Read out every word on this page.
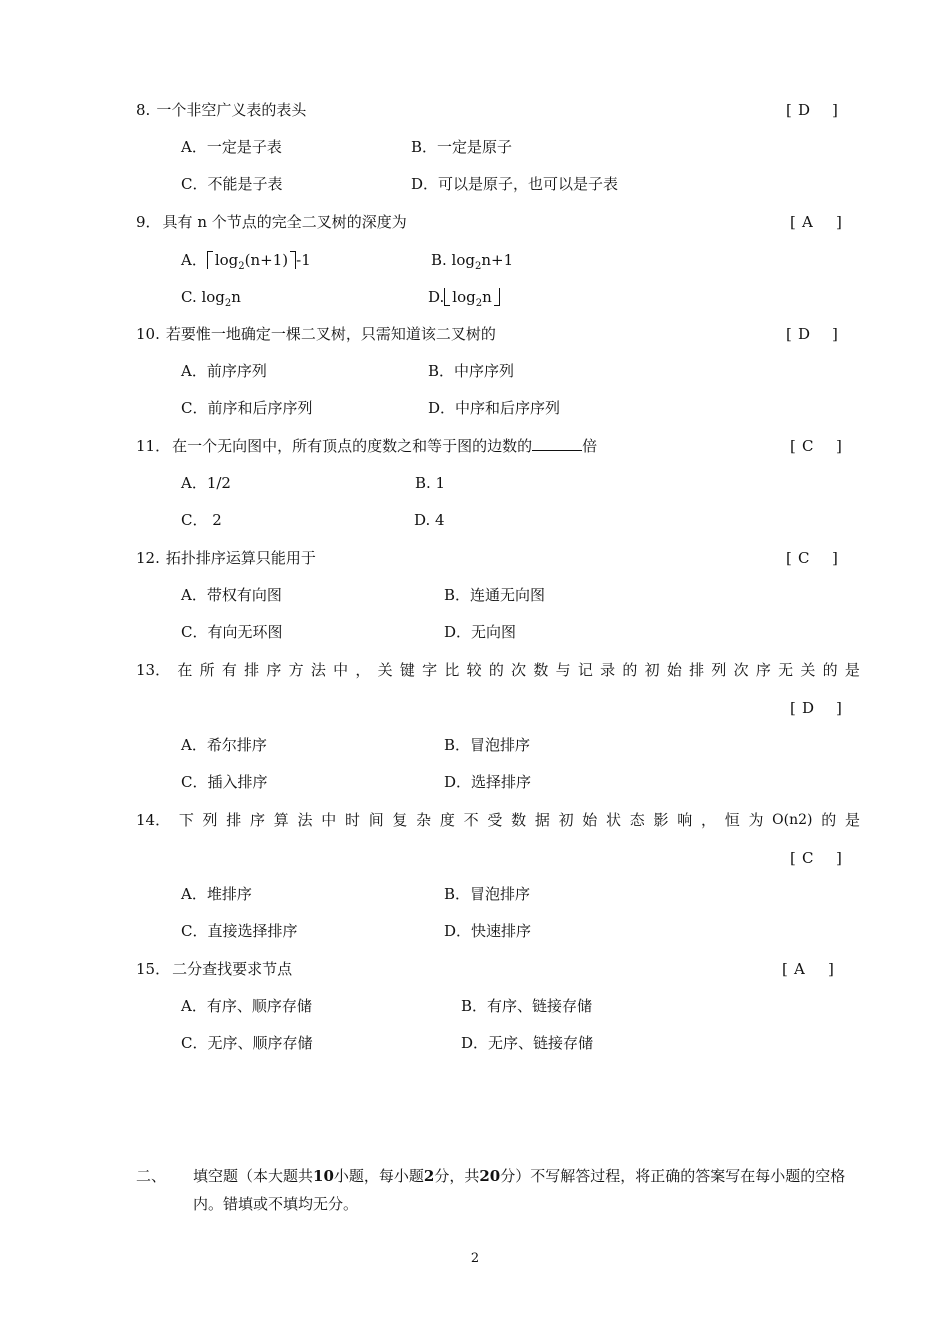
8. 一个非空广义表的表头	[ D ]
A．一定是子表	B．一定是原子
C．不能是子表	D．可以是原子，也可以是子表
9． 具有 n 个节点的完全二叉树的深度为	[ A ]
A． $\log_2(n+1)$ -1	B. $\log_2n+1$
C. $\log_2n$	D. $\log_2n$
10. 若要惟一地确定一棵二叉树，只需知道该二叉树的	[ D ]
A．前序序列	B．中序序列
C．前序和后序序列	D．中序和后序序列
11． 在一个无向图中，所有顶点的度数之和等于图的边数的	倍	[ C ]
A．1/2	B. 1
C． 2	D. 4
12. 拓扑排序运算只能用于	[ C ]
A．带权有向图	B．连通无向图
C．有向无环图	D．无向图
13． 在 所 有 排 序 方 法 中 ， 关 键 字 比 较 的 次 数 与 记 录 的 初 始 排 列 次 序 无 关 的 是
[ D ]
A．希尔排序	B．冒泡排序
C．插入排序	D．选择排序
14． 下 列 排 序 算 法 中 时 间 复 杂 度 不 受 数 据 初 始 状 态 影 响 ， 恒 为 O(n2) 的 是
[ C ]
A．堆排序	B．冒泡排序
C．直接选择排序	D．快速排序
15． 二分查找要求节点	[ A ]
A．有序、顺序存储	B．有序、链接存储
C．无序、顺序存储	D．无序、链接存储
二、 填空题（本大题共10小题，每小题2分，共20分）不写解答过程，将正确的答案写在每小题的空格内。错填或不填均无分。
2
